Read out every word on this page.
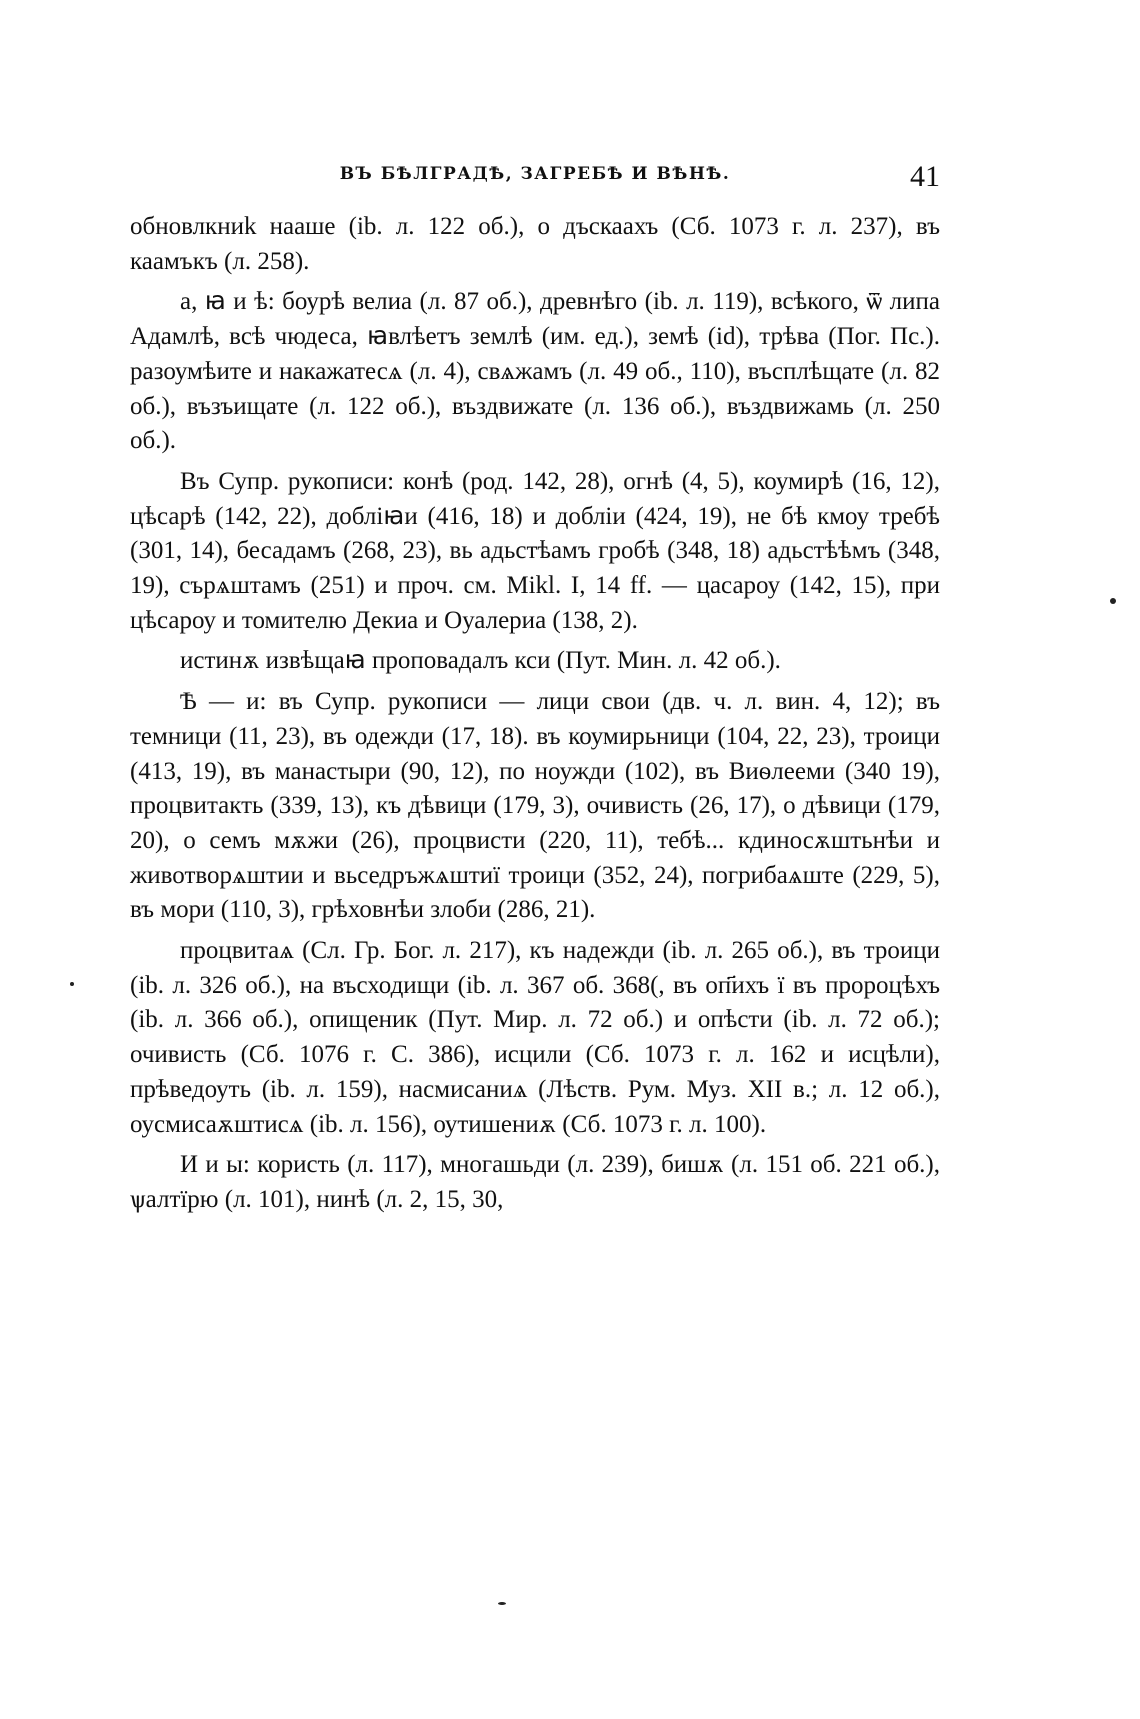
ВЪ БѢЛГРАДѢ, ЗАГРЕБѢ И ВѢНѢ.	41

обновлкниk наaше (ib. л. 122 об.), о дъскаахъ (Сб. 1073 г. л. 237), въ каамъкъ (л. 258).

а, ꙗ и ѣ: боурѣ велиа (л. 87 об.), древнѣго (ib. л. 119), всѣкого, ѿ липа Адамлѣ, всѣ чюдеса, ꙗвлѣетъ землѣ (им. ед.), земѣ (id), трѣва (Пог. Пс.). разоумѣите и накажатесѧ (л. 4), свѧжамъ (л. 49 об., 110), въсплѣщате (л. 82 об.), възъищате (л. 122 об.), въздвижате (л. 136 об.), въздвижамь (л. 250 об.).

Въ Супр. рукописи: конѣ (род. 142, 28), огнѣ (4, 5), коумирѣ (16, 12), цѣсарѣ (142, 22), добліꙗи (416, 18) и добліи (424, 19), не бѣ кмоу требѣ (301, 14), бесадамъ (268, 23), вь адьстѣамъ гробѣ (348, 18) адьстѣѣмъ (348, 19), сърѧштамъ (251) и проч. см. Mikl. I, 14 ff. — цасароу (142, 15), при цѣсароу и томителю Декиа и Оуалериа (138, 2).

истинѫ извѣщаꙗ проповадалъ кси (Пут. Мин. л. 42 об.).

Ѣ — и: въ Супр. рукописи — лици свои (дв. ч. л. вин. 4, 12); въ темници (11, 23), въ одежди (17, 18). въ коумирьници (104, 22, 23), троици (413, 19), въ манастыри (90, 12), по ноужди (102), въ Виѳлееми (340 19), процвитакть (339, 13), къ дѣвици (179, 3), очивисть (26, 17), о дѣвици (179, 20), о семъ мѫжи (26), процвисти (220, 11), тебѣ... кдиносѫштьнѣи и животворѧштии и вьседръжѧштиї троици (352, 24), погрибаѧште (229, 5), въ мори (110, 3), грѣховнѣи злоби (286, 21).

процвитаѧ (Сл. Гр. Бог. л. 217), къ надежди (ib. л. 265 об.), въ троици (ib. л. 326 об.), на въсходищи (ib. л. 367 об. 368(, въ оп҃ихъ ї въ пророцѣхъ (ib. л. 366 об.), опищеник (Пут. Мир. л. 72 об.) и опѣсти (ib. л. 72 об.); очивисть (Сб. 1076 г. С. 386), исцили (Сб. 1073 г. л. 162 и исцѣли), прѣведоуть (ib. л. 159), насмисаниѧ (Лѣств. Рум. Муз. XII в.; л. 12 об.), оусмисаѫштисѧ (ib. л. 156), оутишениѫ (Сб. 1073 г. л. 100).

И и ы: користь (л. 117), многашьди (л. 239), бишѫ (л. 151 об. 221 об.), ѱалтїрю (л. 101), нинѣ (л. 2, 15, 30,
